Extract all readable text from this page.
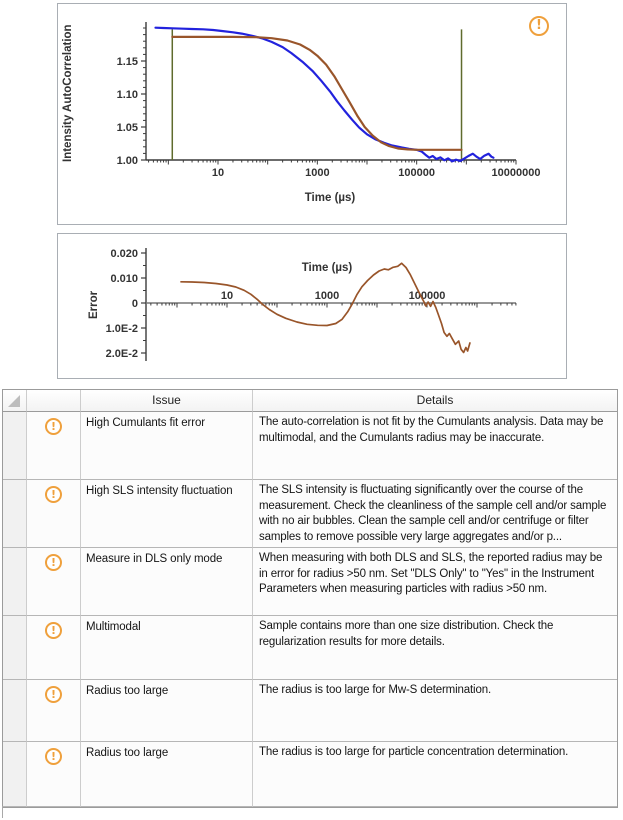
1.00
1.05
1.10
1.15
10	1000	100000	10000000
Time (µs)
Intensity AutoCorrelation	!
0.020
0.010
0
1.0E-2
2.0E-2
10	1000	100000
Time (µs)
Error
Issue	Details
!	High Cumulants fit error	The auto-correlation is not fit by the Cumulants analysis. Data may be multimodal, and the Cumulants radius may be inaccurate.
!	High SLS intensity fluctuation	The SLS intensity is fluctuating significantly over the course of the measurement. Check the cleanliness of the sample cell and/or sample with no air bubbles. Clean the sample cell and/or centrifuge or filter samples to remove possible very large aggregates and/or p...
!	Measure in DLS only mode	When measuring with both DLS and SLS, the reported radius may be in error for radius >50 nm. Set "DLS Only" to "Yes" in the Instrument Parameters when measuring particles with radius >50 nm.
!	Multimodal	Sample contains more than one size distribution. Check the regularization results for more details.
!	Radius too large	The radius is too large for Mw-S determination.
!	Radius too large	The radius is too large for particle concentration determination.
